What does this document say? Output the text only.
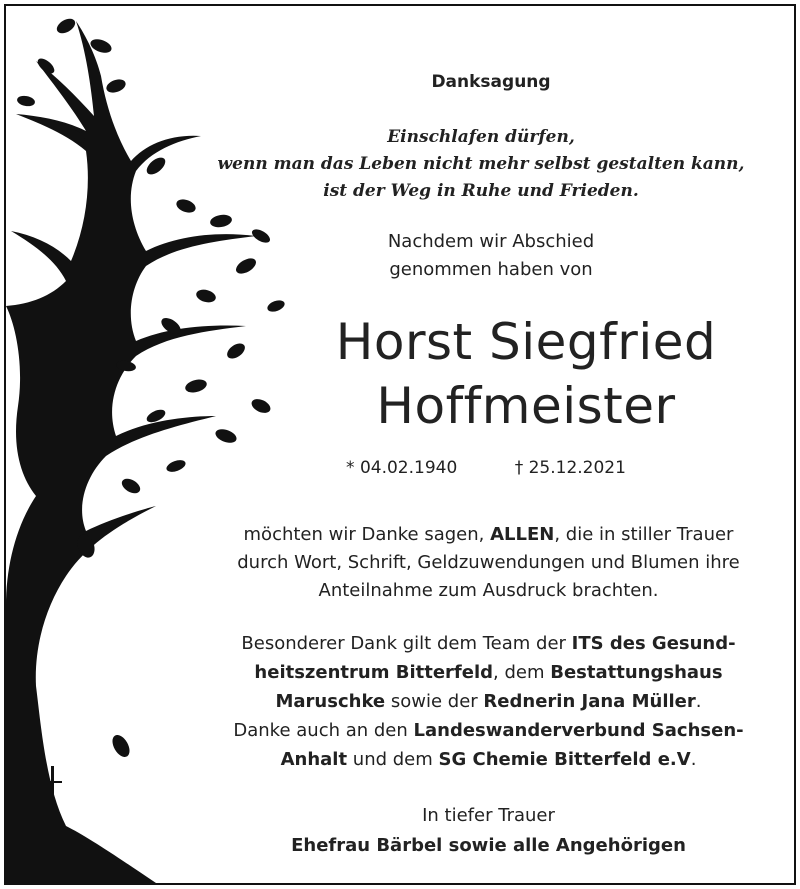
Danksagung
Einschlafen dürfen,
wenn man das Leben nicht mehr selbst gestalten kann,
ist der Weg in Ruhe und Frieden.
Nachdem wir Abschied
genommen haben von
Horst Siegfried
Hoffmeister
* 04.02.1940	† 25.12.2021
möchten wir Danke sagen, ALLEN, die in stiller Trauer
durch Wort, Schrift, Geldzuwendungen und Blumen ihre
Anteilnahme zum Ausdruck brachten.
Besonderer Dank gilt dem Team der ITS des Gesund-
heitszentrum Bitterfeld, dem Bestattungshaus
Maruschke sowie der Rednerin Jana Müller.
Danke auch an den Landeswanderverbund Sachsen-
Anhalt und dem SG Chemie Bitterfeld e.V.
In tiefer Trauer
Ehefrau Bärbel sowie alle Angehörigen
